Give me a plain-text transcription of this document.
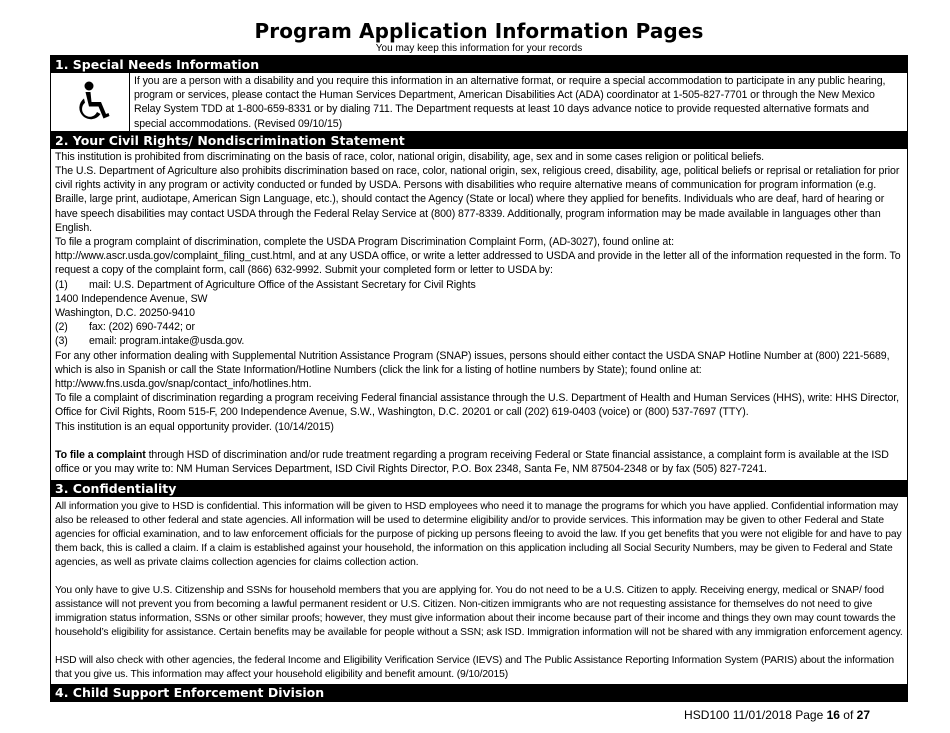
Program Application Information Pages
You may keep this information for your records
1. Special Needs Information
If you are a person with a disability and you require this information in an alternative format, or require a special accommodation to participate in any public hearing, program or services, please contact the Human Services Department, American Disabilities Act (ADA) coordinator at 1-505-827-7701 or through the New Mexico Relay System TDD at 1-800-659-8331 or by dialing 711. The Department requests at least 10 days advance notice to provide requested alternative formats and special accommodations. (Revised 09/10/15)
2. Your Civil Rights/ Nondiscrimination Statement

This institution is prohibited from discriminating on the basis of race, color, national origin, disability, age, sex and in some cases religion or political beliefs.

The U.S. Department of Agriculture also prohibits discrimination based on race, color, national origin, sex, religious creed, disability, age, political beliefs or reprisal or retaliation for prior civil rights activity in any program or activity conducted or funded by USDA. Persons with disabilities who require alternative means of communication for program information (e.g. Braille, large print, audiotape, American Sign Language, etc.), should contact the Agency (State or local) where they applied for benefits. Individuals who are deaf, hard of hearing or have speech disabilities may contact USDA through the Federal Relay Service at (800) 877-8339. Additionally, program information may be made available in languages other than English.

To file a program complaint of discrimination, complete the USDA Program Discrimination Complaint Form, (AD-3027), found online at: http://www.ascr.usda.gov/complaint_filing_cust.html, and at any USDA office, or write a letter addressed to USDA and provide in the letter all of the information requested in the form. To request a copy of the complaint form, call (866) 632-9992. Submit your completed form or letter to USDA by:

(1)	mail: U.S. Department of Agriculture Office of the Assistant Secretary for Civil Rights

1400 Independence Avenue, SW

Washington, D.C. 20250-9410

(2)	fax: (202) 690-7442; or
(3)	email: program.intake@usda.gov.

For any other information dealing with Supplemental Nutrition Assistance Program (SNAP) issues, persons should either contact the USDA SNAP Hotline Number at (800) 221-5689, which is also in Spanish or call the State Information/Hotline Numbers (click the link for a listing of hotline numbers by State); found online at: http://www.fns.usda.gov/snap/contact_info/hotlines.htm.

To file a complaint of discrimination regarding a program receiving Federal financial assistance through the U.S. Department of Health and Human Services (HHS), write: HHS Director, Office for Civil Rights, Room 515-F, 200 Independence Avenue, S.W., Washington, D.C. 20201 or call (202) 619-0403 (voice) or (800) 537-7697 (TTY).

This institution is an equal opportunity provider. (10/14/2015)

To file a complaint through HSD of discrimination and/or rude treatment regarding a program receiving Federal or State financial assistance, a complaint form is available at the ISD office or you may write to: NM Human Services Department, ISD Civil Rights Director, P.O. Box 2348, Santa Fe, NM 87504-2348 or by fax (505) 827-7241.

3. Confidentiality

All information you give to HSD is confidential. This information will be given to HSD employees who need it to manage the programs for which you have applied. Confidential information may also be released to other federal and state agencies. All information will be used to determine eligibility and/or to provide services. This information may be given to other Federal and State agencies for official examination, and to law enforcement officials for the purpose of picking up persons fleeing to avoid the law. If you get benefits that you were not eligible for and have to pay them back, this is called a claim. If a claim is established against your household, the information on this application including all Social Security Numbers, may be given to Federal and State agencies, as well as private claims collection agencies for claims collection action.

You only have to give U.S. Citizenship and SSNs for household members that you are applying for. You do not need to be a U.S. Citizen to apply. Receiving energy, medical or SNAP/ food assistance will not prevent you from becoming a lawful permanent resident or U.S. Citizen. Non-citizen immigrants who are not requesting assistance for themselves do not need to give immigration status information, SSNs or other similar proofs; however, they must give information about their income because part of their income and things they own may count towards the household’s eligibility for assistance. Certain benefits may be available for people without a SSN; ask ISD. Immigration information will not be shared with any immigration enforcement agency.

HSD will also check with other agencies, the federal Income and Eligibility Verification Service (IEVS) and The Public Assistance Reporting Information System (PARIS) about the information that you give us. This information may affect your household eligibility and benefit amount. (9/10/2015)

4. Child Support Enforcement Division
HSD100 11/01/2018 Page 16 of 27
